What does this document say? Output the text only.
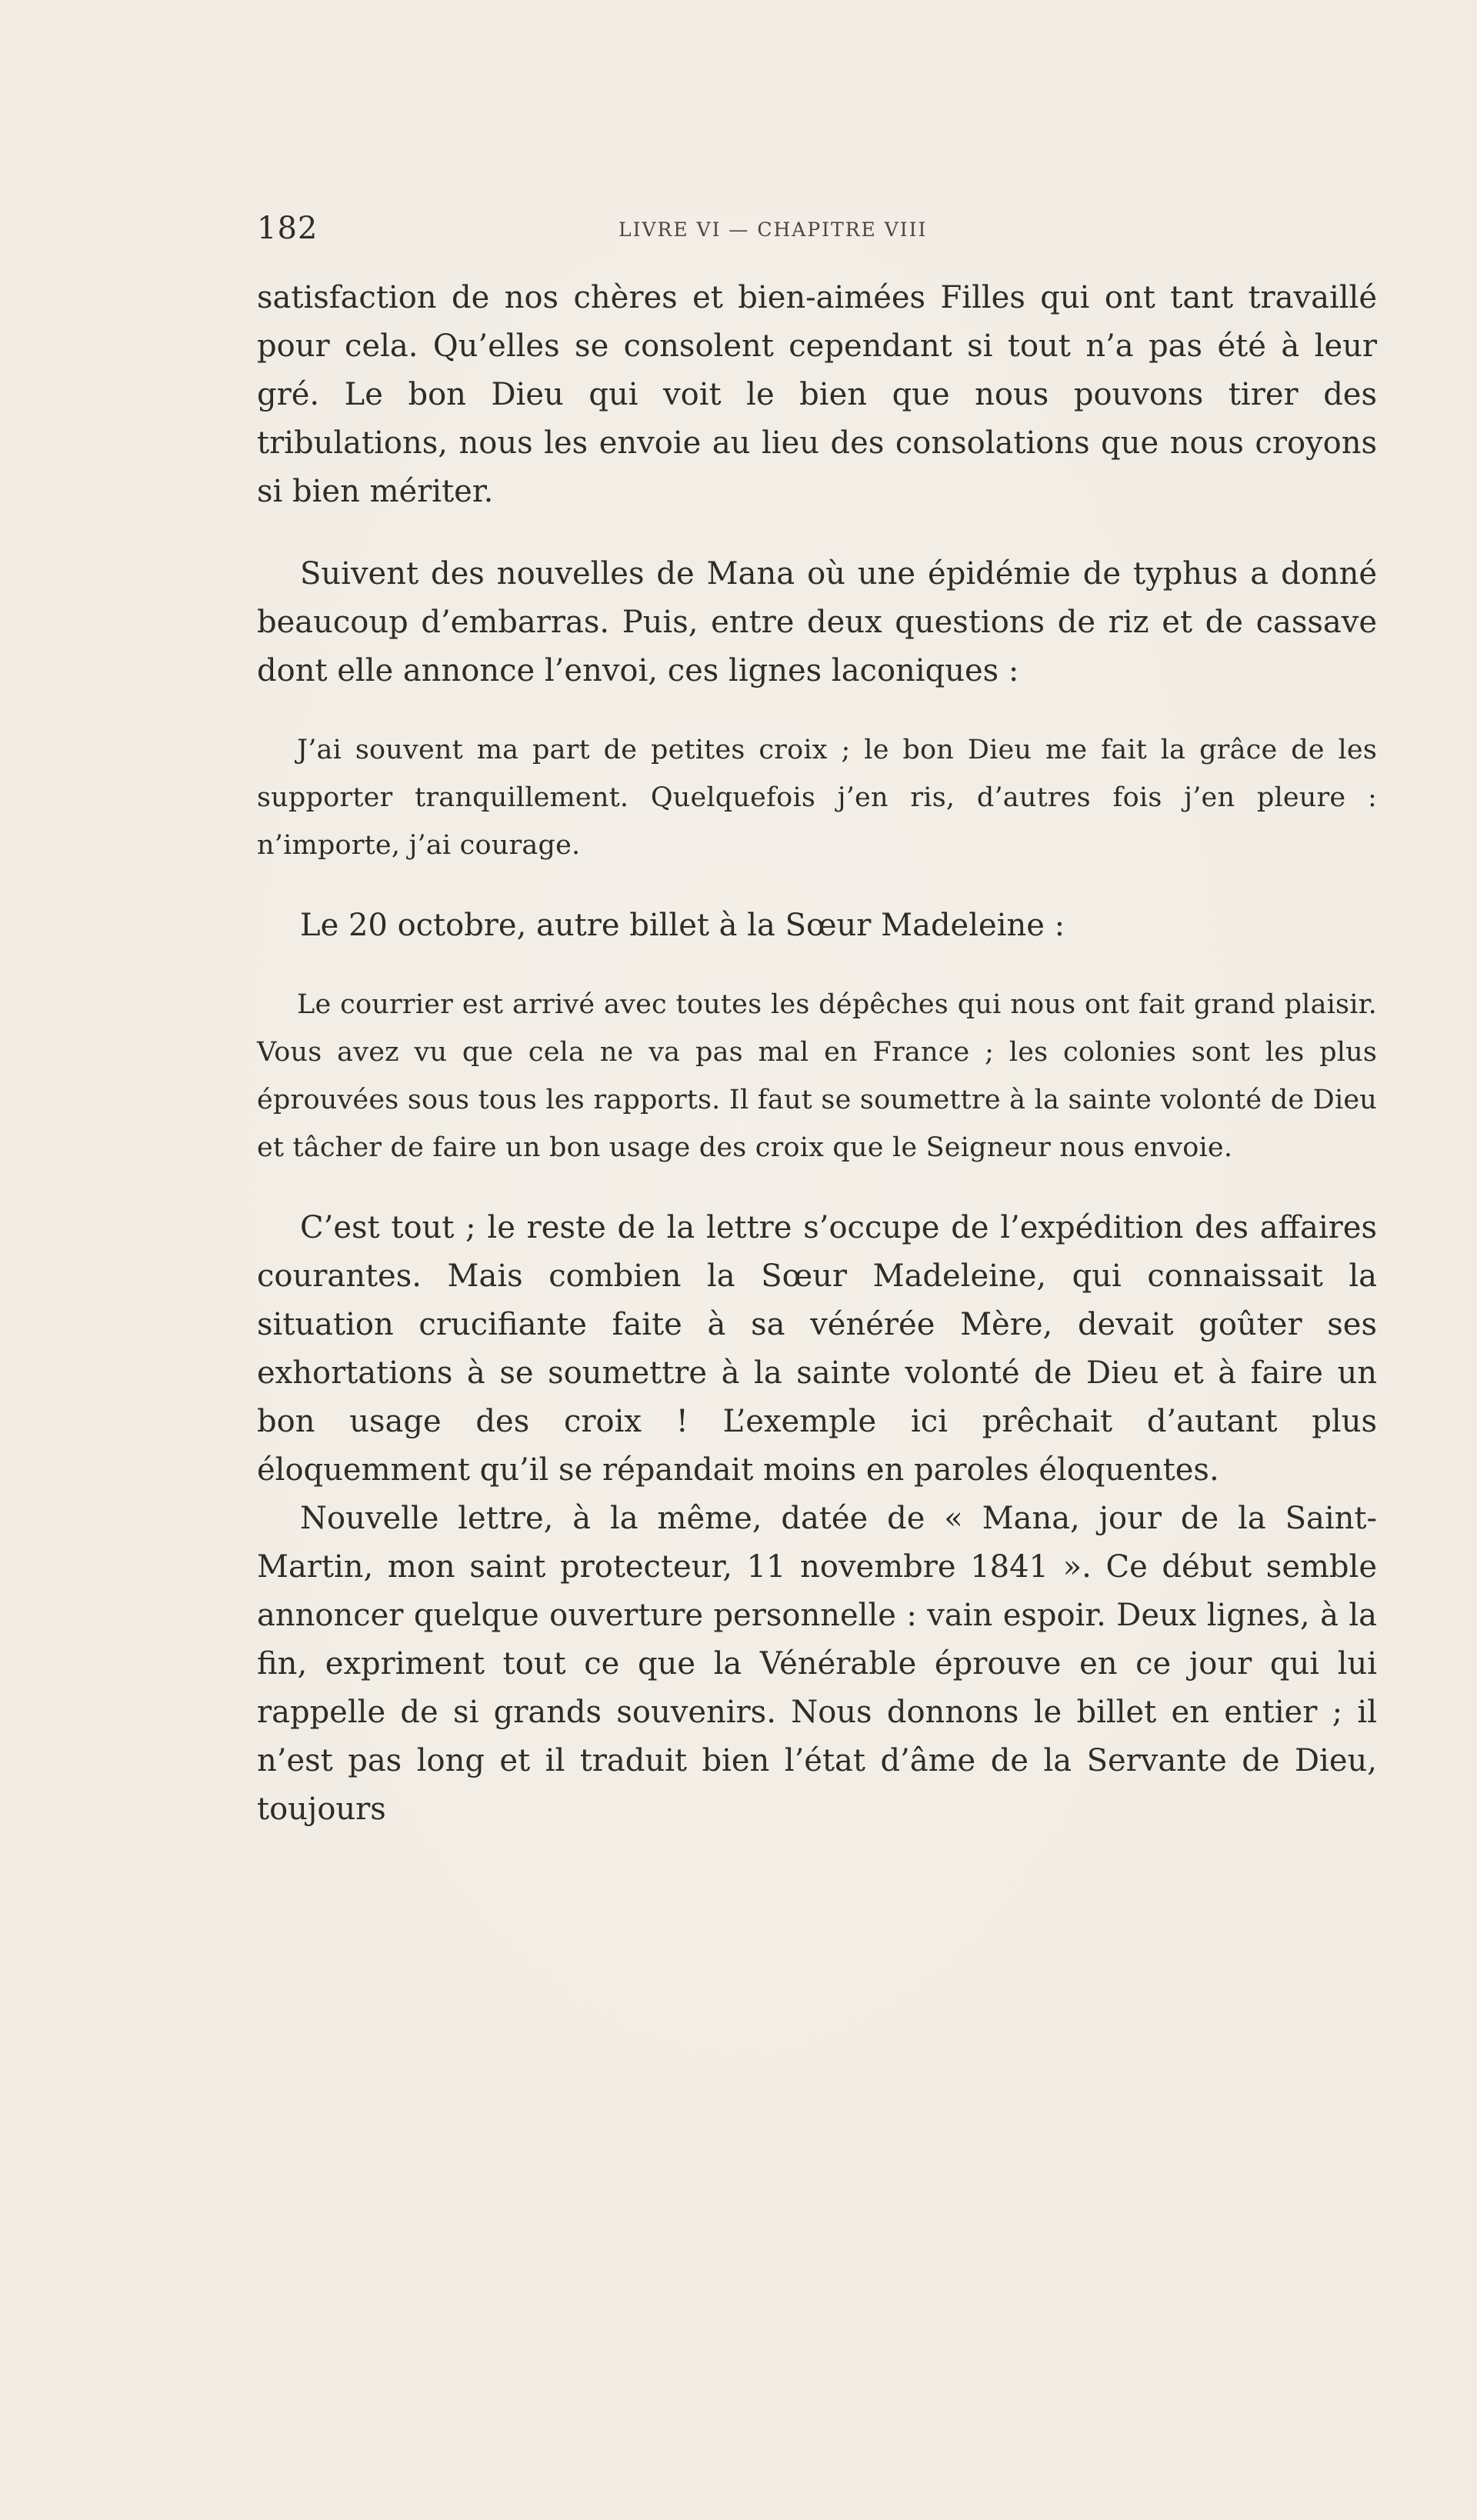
182	LIVRE VI — CHAPITRE VIII

satisfaction de nos chères et bien-aimées Filles qui ont tant travaillé pour cela. Qu’elles se consolent cependant si tout n’a pas été à leur gré. Le bon Dieu qui voit le bien que nous pouvons tirer des tribulations, nous les envoie au lieu des consolations que nous croyons si bien mériter.

Suivent des nouvelles de Mana où une épidémie de typhus a donné beaucoup d’embarras. Puis, entre deux questions de riz et de cassave dont elle annonce l’envoi, ces lignes laconiques :

J’ai souvent ma part de petites croix ; le bon Dieu me fait la grâce de les supporter tranquillement. Quelquefois j’en ris, d’autres fois j’en pleure : n’importe, j’ai courage.

Le 20 octobre, autre billet à la Sœur Madeleine :

Le courrier est arrivé avec toutes les dépêches qui nous ont fait grand plaisir. Vous avez vu que cela ne va pas mal en France ; les colonies sont les plus éprouvées sous tous les rapports. Il faut se soumettre à la sainte volonté de Dieu et tâcher de faire un bon usage des croix que le Seigneur nous envoie.

C’est tout ; le reste de la lettre s’occupe de l’expédition des affaires courantes. Mais combien la Sœur Madeleine, qui connaissait la situation crucifiante faite à sa vénérée Mère, devait goûter ses exhortations à se soumettre à la sainte volonté de Dieu et à faire un bon usage des croix ! L’exemple ici prêchait d’autant plus éloquemment qu’il se répandait moins en paroles éloquentes.

Nouvelle lettre, à la même, datée de « Mana, jour de la Saint-Martin, mon saint protecteur, 11 novembre 1841 ». Ce début semble annoncer quelque ouverture personnelle : vain espoir. Deux lignes, à la fin, expriment tout ce que la Vénérable éprouve en ce jour qui lui rappelle de si grands souvenirs. Nous donnons le billet en entier ; il n’est pas long et il traduit bien l’état d’âme de la Servante de Dieu, toujours
